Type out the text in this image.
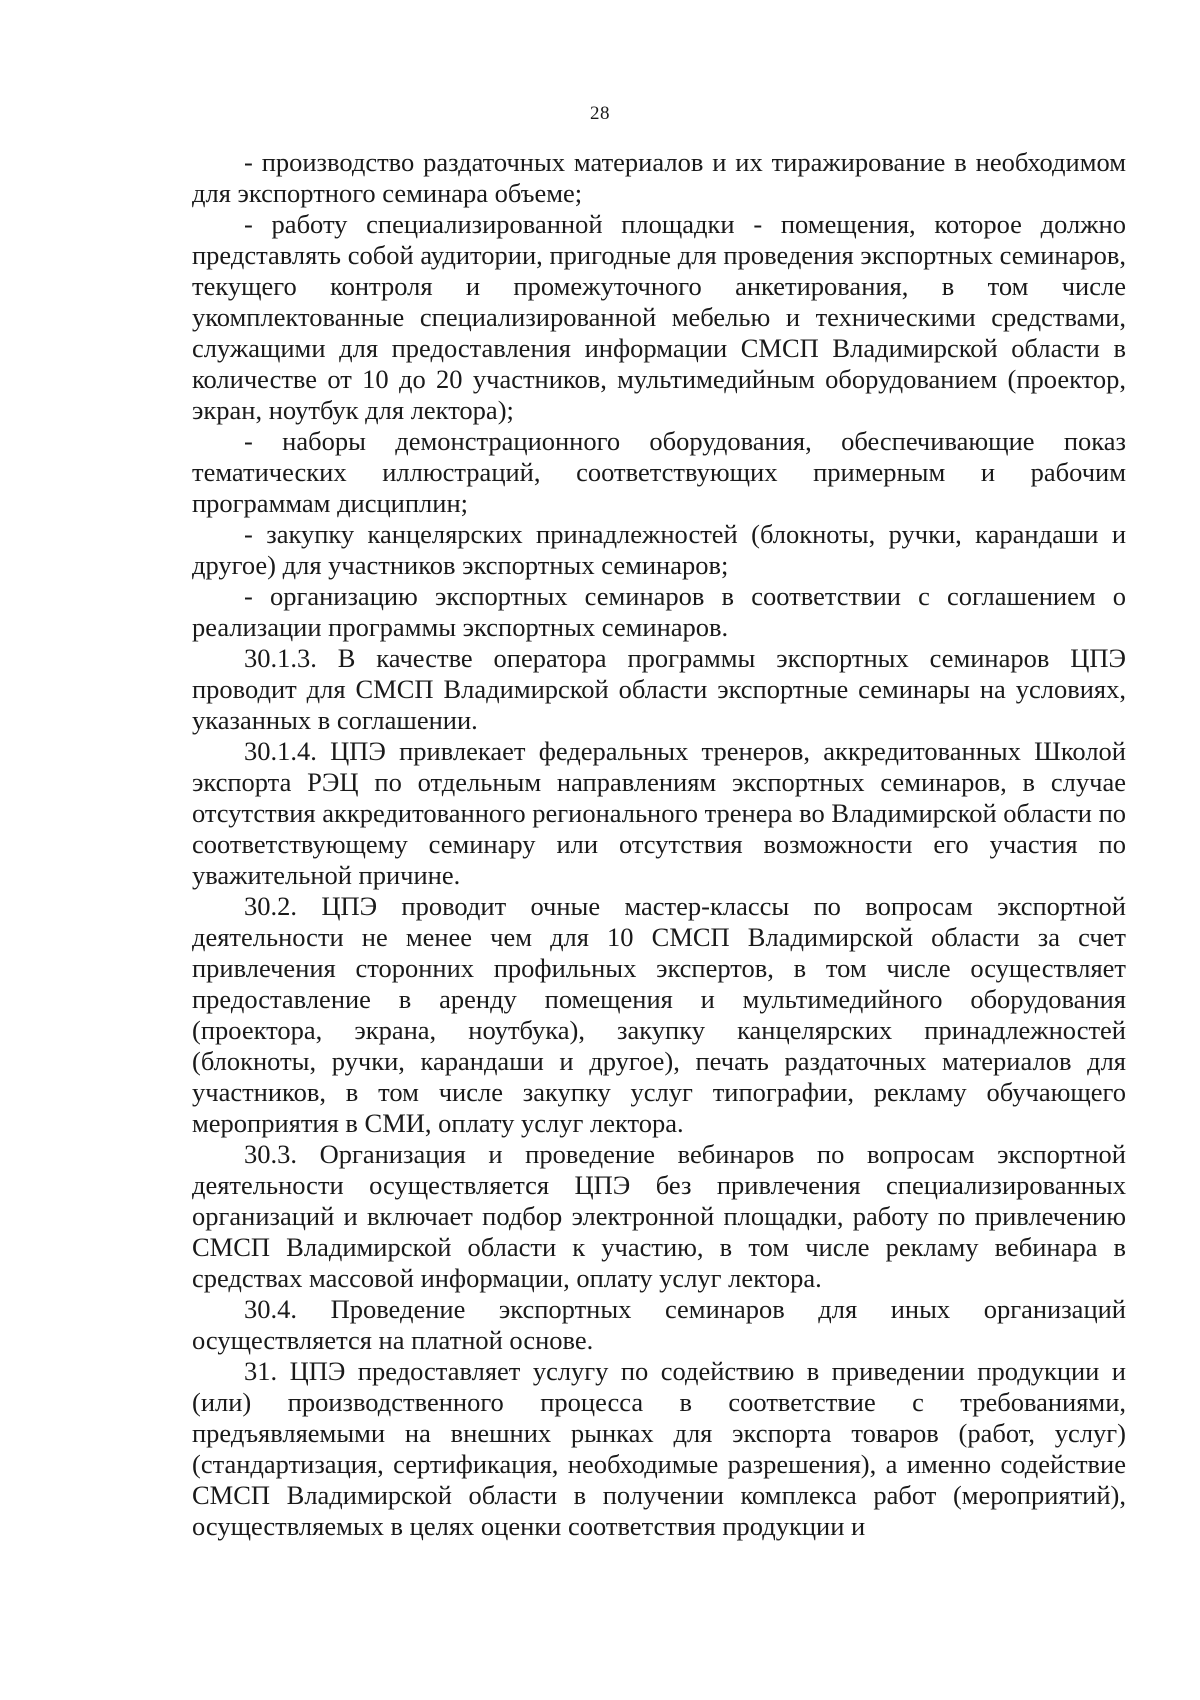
28

- производство раздаточных материалов и их тиражирование в необходимом для экспортного семинара объеме;

- работу специализированной площадки - помещения, которое должно представлять собой аудитории, пригодные для проведения экспортных семинаров, текущего контроля и промежуточного анкетирования, в том числе укомплектованные специализированной мебелью и техническими средствами, служащими для предоставления информации СМСП Владимирской области в количестве от 10 до 20 участников, мультимедийным оборудованием (проектор, экран, ноутбук для лектора);

- наборы демонстрационного оборудования, обеспечивающие показ тематических иллюстраций, соответствующих примерным и рабочим программам дисциплин;

- закупку канцелярских принадлежностей (блокноты, ручки, карандаши и другое) для участников экспортных семинаров;

- организацию экспортных семинаров в соответствии с соглашением о реализации программы экспортных семинаров.

30.1.3. В качестве оператора программы экспортных семинаров ЦПЭ проводит для СМСП Владимирской области экспортные семинары на условиях, указанных в соглашении.

30.1.4. ЦПЭ привлекает федеральных тренеров, аккредитованных Школой экспорта РЭЦ по отдельным направлениям экспортных семинаров, в случае отсутствия аккредитованного регионального тренера во Владимирской области по соответствующему семинару или отсутствия возможности его участия по уважительной причине.

30.2. ЦПЭ проводит очные мастер-классы по вопросам экспортной деятельности не менее чем для 10 СМСП Владимирской области за счет привлечения сторонних профильных экспертов, в том числе осуществляет предоставление в аренду помещения и мультимедийного оборудования (проектора, экрана, ноутбука), закупку канцелярских принадлежностей (блокноты, ручки, карандаши и другое), печать раздаточных материалов для участников, в том числе закупку услуг типографии, рекламу обучающего мероприятия в СМИ, оплату услуг лектора.

30.3. Организация и проведение вебинаров по вопросам экспортной деятельности осуществляется ЦПЭ без привлечения специализированных организаций и включает подбор электронной площадки, работу по привлечению СМСП Владимирской области к участию, в том числе рекламу вебинара в средствах массовой информации, оплату услуг лектора.

30.4. Проведение экспортных семинаров для иных организаций осуществляется на платной основе.

31. ЦПЭ предоставляет услугу по содействию в приведении продукции и (или) производственного процесса в соответствие с требованиями, предъявляемыми на внешних рынках для экспорта товаров (работ, услуг) (стандартизация, сертификация, необходимые разрешения), а именно содействие СМСП Владимирской области в получении комплекса работ (мероприятий), осуществляемых в целях оценки соответствия продукции и
